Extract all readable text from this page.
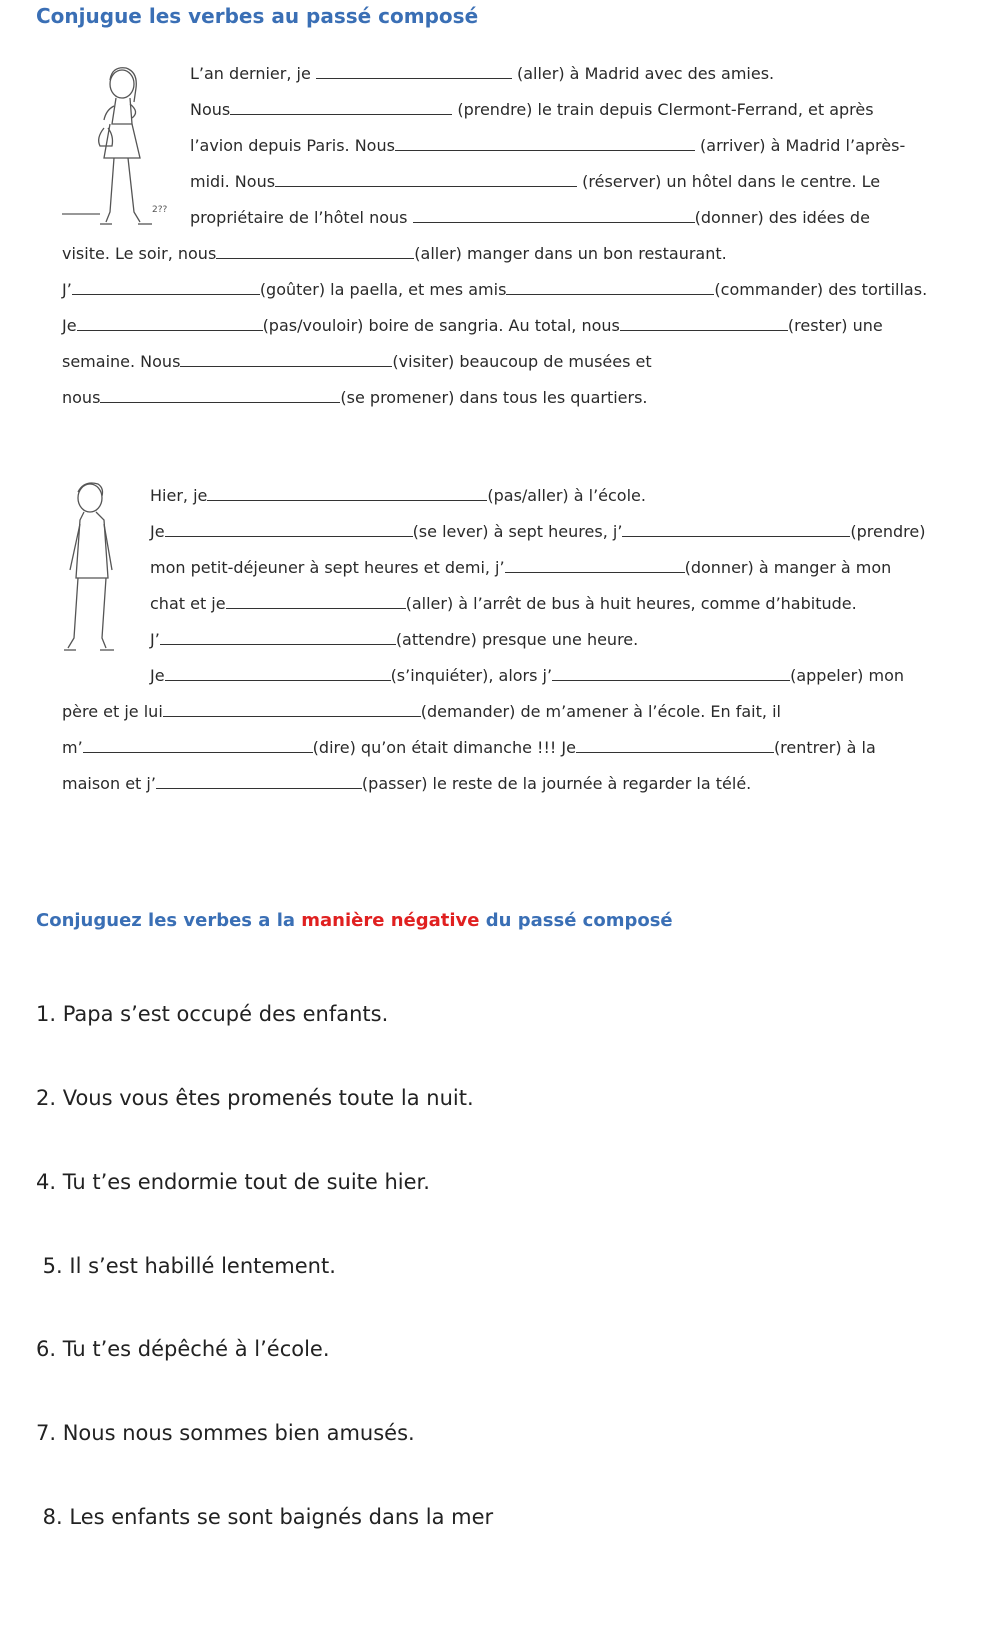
Conjugue les verbes au passé composé
2??
L’an dernier, je	(aller) à Madrid avec des amies.
Nous	(prendre) le train depuis Clermont-Ferrand, et après
l’avion depuis Paris. Nous	(arriver) à Madrid l’après-
midi. Nous	(réserver) un hôtel dans le centre. Le
propriétaire de l’hôtel nous	(donner) des idées de
visite. Le soir, nous	(aller) manger dans un bon restaurant.
J’	(goûter) la paella, et mes amis	(commander) des tortillas.
Je	(pas/vouloir) boire de sangria. Au total, nous	(rester) une
semaine. Nous	(visiter) beaucoup de musées et
nous	(se promener) dans tous les quartiers.
Hier, je	(pas/aller) à l’école.
Je	(se lever) à sept heures, j’	(prendre)
mon petit-déjeuner à sept heures et demi, j’	(donner) à manger à mon
chat et je	(aller) à l’arrêt de bus à huit heures, comme d’habitude.
J’	(attendre) presque une heure.
Je	(s’inquiéter), alors j’	(appeler) mon
père et je lui	(demander) de m’amener à l’école. En fait, il
m’	(dire) qu’on était dimanche !!! Je	(rentrer) à la
maison et j’	(passer) le reste de la journée à regarder la télé.
Conjuguez les verbes a la manière négative du passé composé
1. Papa s’est occupé des enfants.
2. Vous vous êtes promenés toute la nuit.
4. Tu t’es endormie tout de suite hier.
5. Il s’est habillé lentement.
6. Tu t’es dépêché à l’école.
7. Nous nous sommes bien amusés.
8. Les enfants se sont baignés dans la mer
